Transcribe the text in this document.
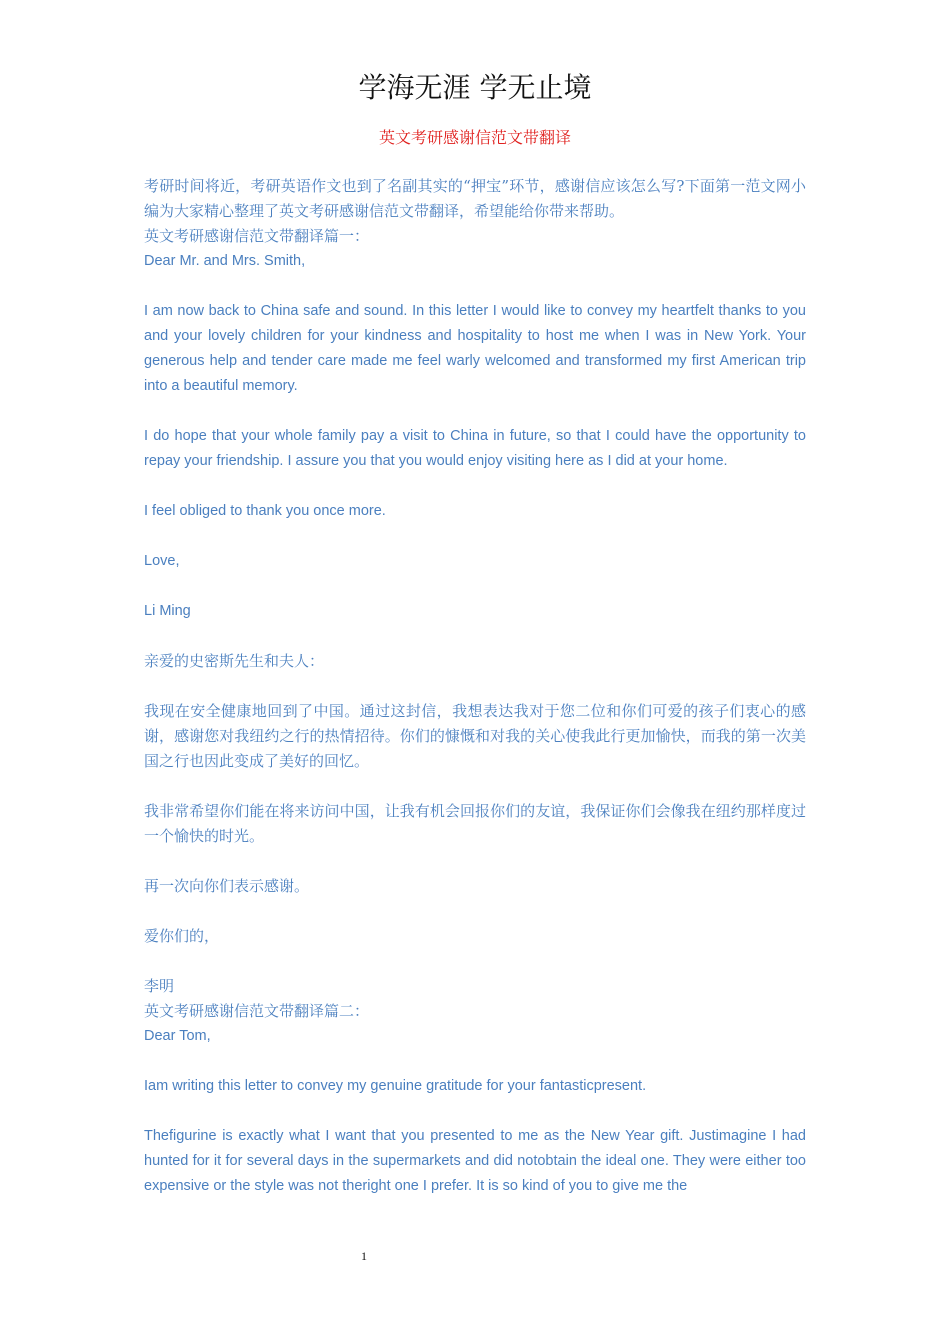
学海无涯 学无止境
英文考研感谢信范文带翻译

考研时间将近，考研英语作文也到了名副其实的“押宝”环节，感谢信应该怎么写?下面第一范文网小编为大家精心整理了英文考研感谢信范文带翻译，希望能给你带来帮助。

英文考研感谢信范文带翻译篇一：

Dear Mr. and Mrs. Smith,

I am now back to China safe and sound. In this letter I would like to convey my heartfelt thanks to you and your lovely children for your kindness and hospitality to host me when I was in New York. Your generous help and tender care made me feel warly welcomed and transformed my first American trip into a beautiful memory.

I do hope that your whole family pay a visit to China in future, so that I could have the opportunity to repay your friendship. I assure you that you would enjoy visiting here as I did at your home.

I feel obliged to thank you once more.

Love,

Li Ming

亲爱的史密斯先生和夫人：

我现在安全健康地回到了中国。通过这封信，我想表达我对于您二位和你们可爱的孩子们衷心的感谢，感谢您对我纽约之行的热情招待。你们的慷慨和对我的关心使我此行更加愉快，而我的第一次美国之行也因此变成了美好的回忆。

我非常希望你们能在将来访问中国，让我有机会回报你们的友谊，我保证你们会像我在纽约那样度过一个愉快的时光。

再一次向你们表示感谢。

爱你们的，

李明

英文考研感谢信范文带翻译篇二：

Dear Tom,

Iam writing this letter to convey my genuine gratitude for your fantasticpresent.

Thefigurine is exactly what I want that you presented to me as the New Year gift. Justimagine I had hunted for it for several days in the supermarkets and did notobtain the ideal one. They were either too expensive or the style was not theright one I prefer. It is so kind of you to give me the

1
